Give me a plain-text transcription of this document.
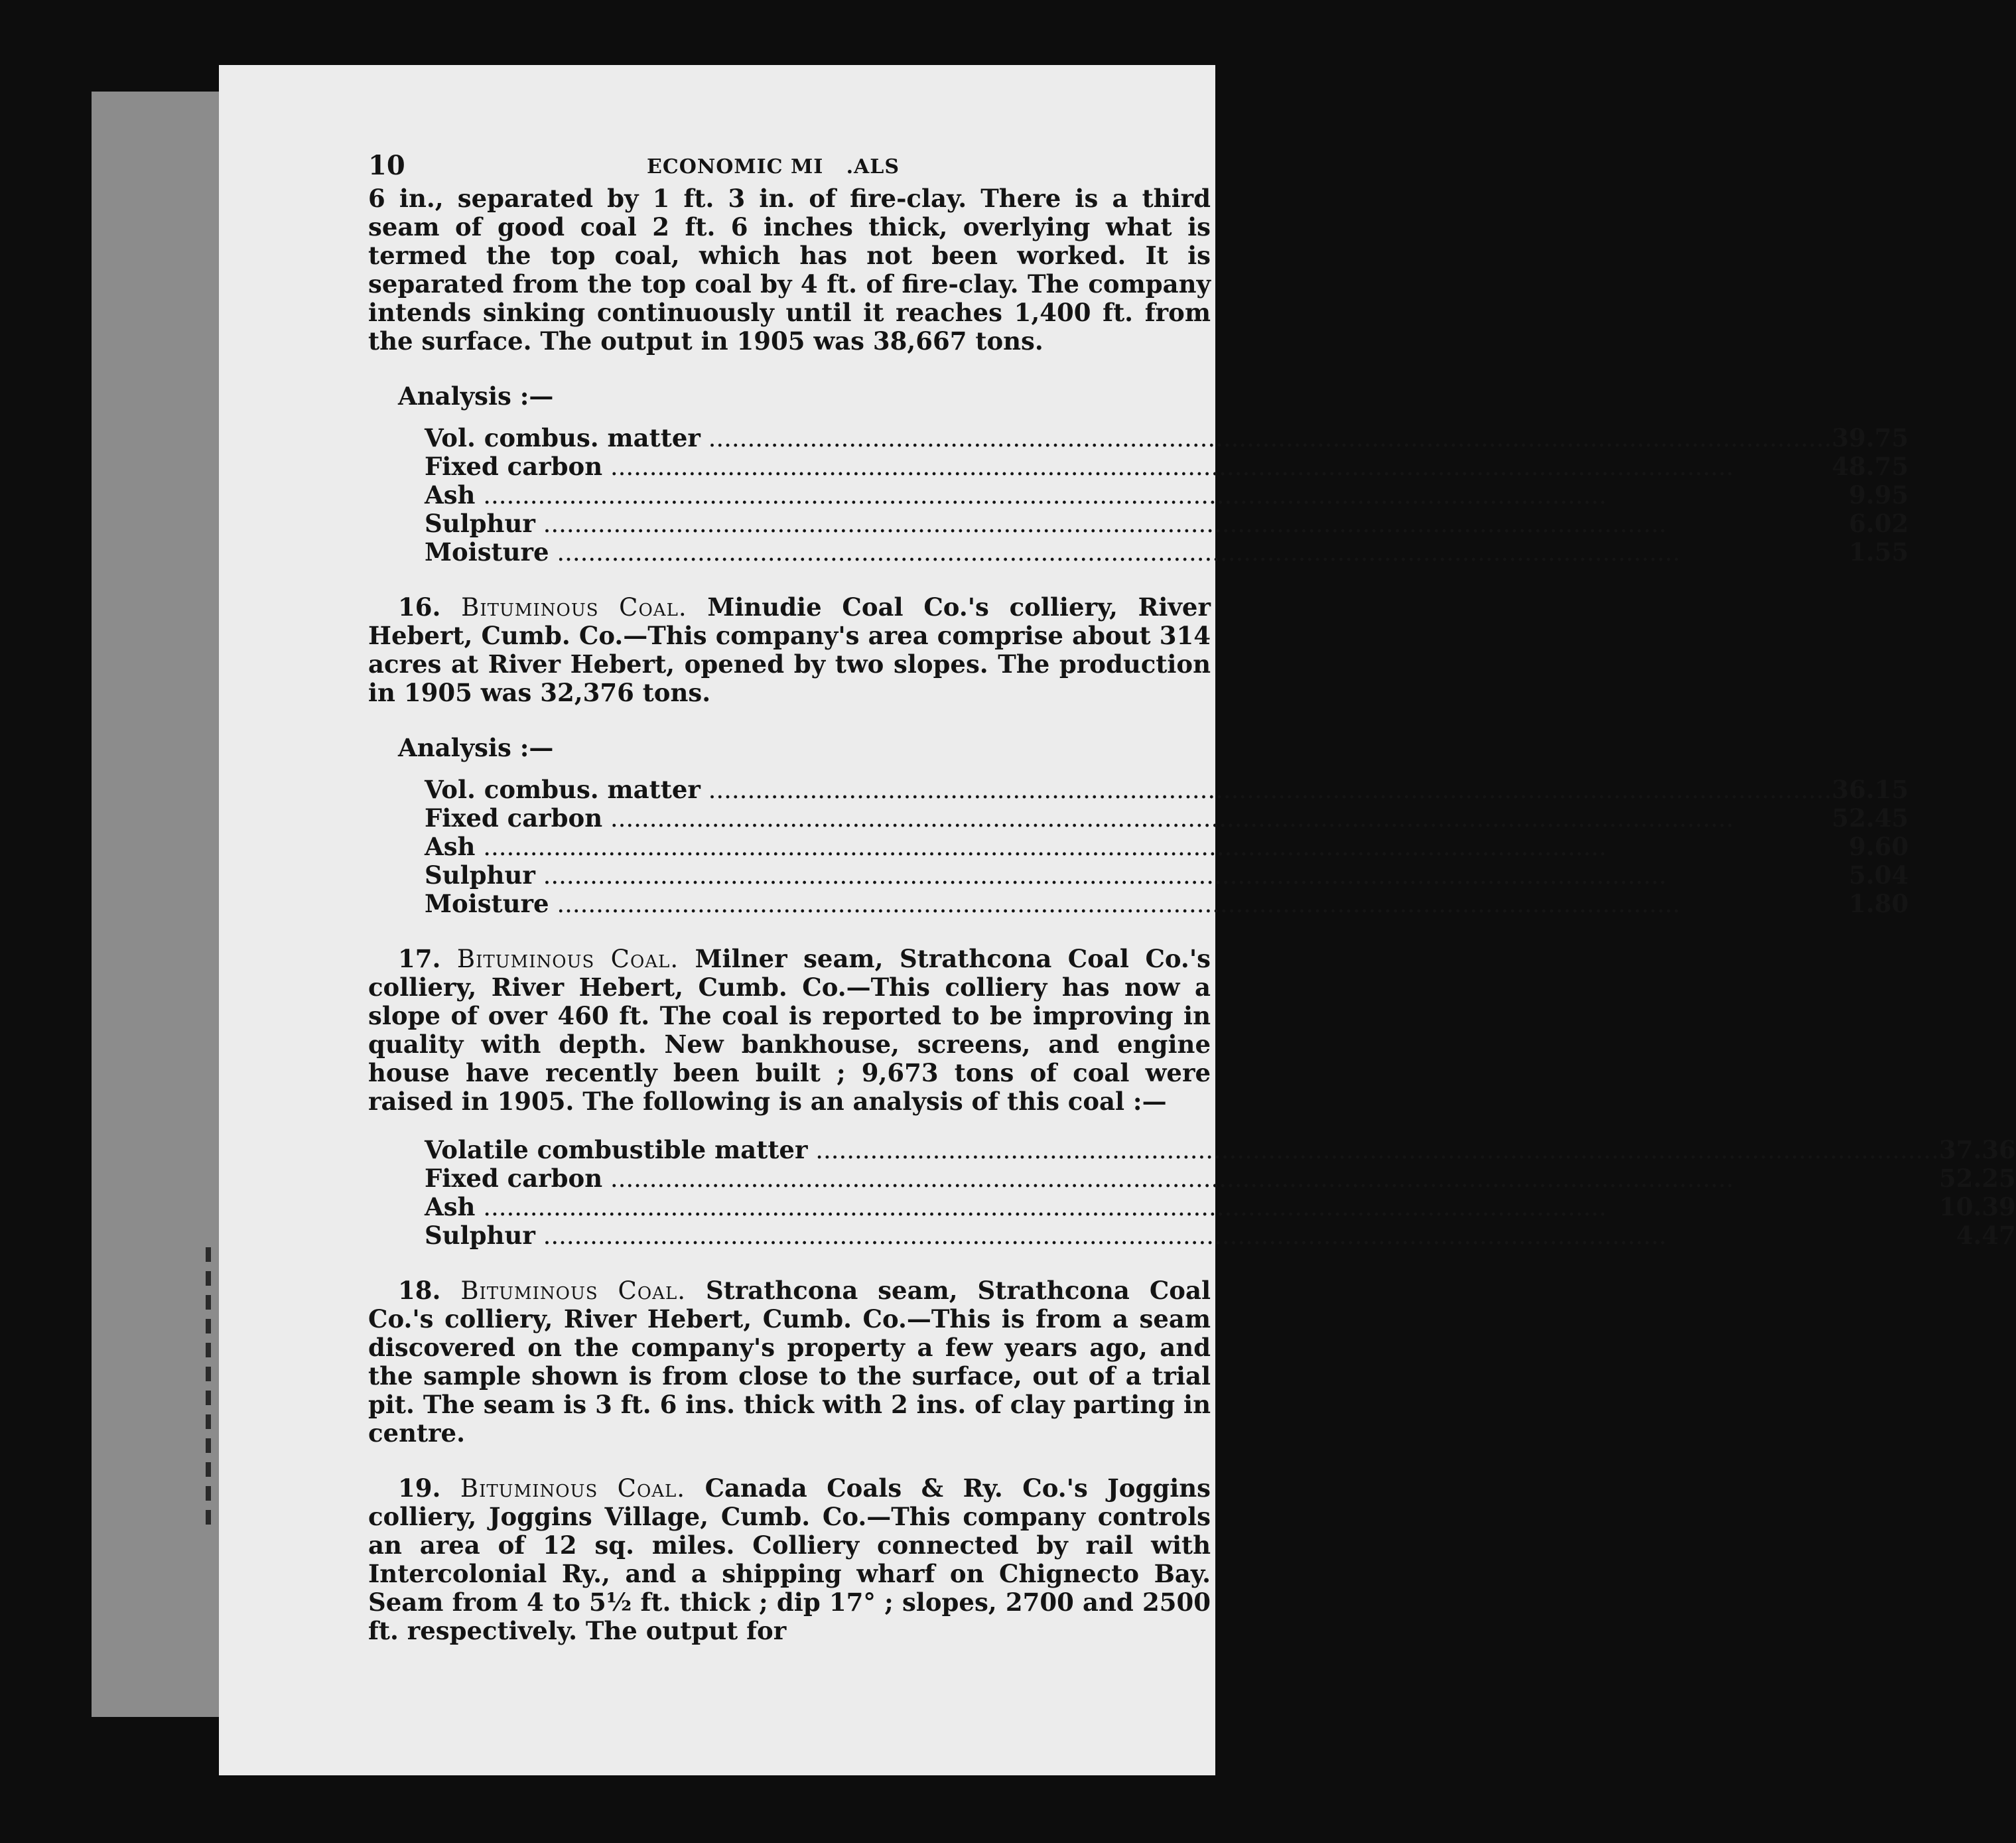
10	ECONOMIC MI .ALS

6 in., separated by 1 ft. 3 in. of fire-clay. There is a third seam of good coal 2 ft. 6 inches thick, overlying what is termed the top coal, which has not been worked. It is separated from the top coal by 4 ft. of fire-clay. The company intends sinking continuously until it reaches 1,400 ft. from the surface. The output in 1905 was 38,667 tons.

Analysis :—
Vol. combus. matter .....	39.75
Fixed carbon .....	48.75
Ash .....	9.95
Sulphur .....	6.02
Moisture .....	1.55

16. Bituminous Coal. Minudie Coal Co.'s colliery, River Hebert, Cumb. Co.—This company's area comprise about 314 acres at River Hebert, opened by two slopes. The production in 1905 was 32,376 tons.

Analysis :—
Vol. combus. matter .....	36.15
Fixed carbon .....	52.45
Ash .....	9.60
Sulphur .....	5.04
Moisture .....	1.80

17. Bituminous Coal. Milner seam, Strathcona Coal Co.'s colliery, River Hebert, Cumb. Co.—This colliery has now a slope of over 460 ft. The coal is reported to be improving in quality with depth. New bankhouse, screens, and engine house have recently been built ; 9,673 tons of coal were raised in 1905. The following is an analysis of this coal :—

Volatile combustible matter .....	37.36
Fixed carbon .....	52.25
Ash .....	10.39
Sulphur .....	4.47

18. Bituminous Coal. Strathcona seam, Strathcona Coal Co.'s colliery, River Hebert, Cumb. Co.—This is from a seam discovered on the company's property a few years ago, and the sample shown is from close to the surface, out of a trial pit. The seam is 3 ft. 6 ins. thick with 2 ins. of clay parting in centre.

19. Bituminous Coal. Canada Coals & Ry. Co.'s Joggins colliery, Joggins Village, Cumb. Co.—This company controls an area of 12 sq. miles. Colliery connected by rail with Intercolonial Ry., and a shipping wharf on Chignecto Bay. Seam from 4 to 5½ ft. thick ; dip 17° ; slopes, 2700 and 2500 ft. respectively. The output for
